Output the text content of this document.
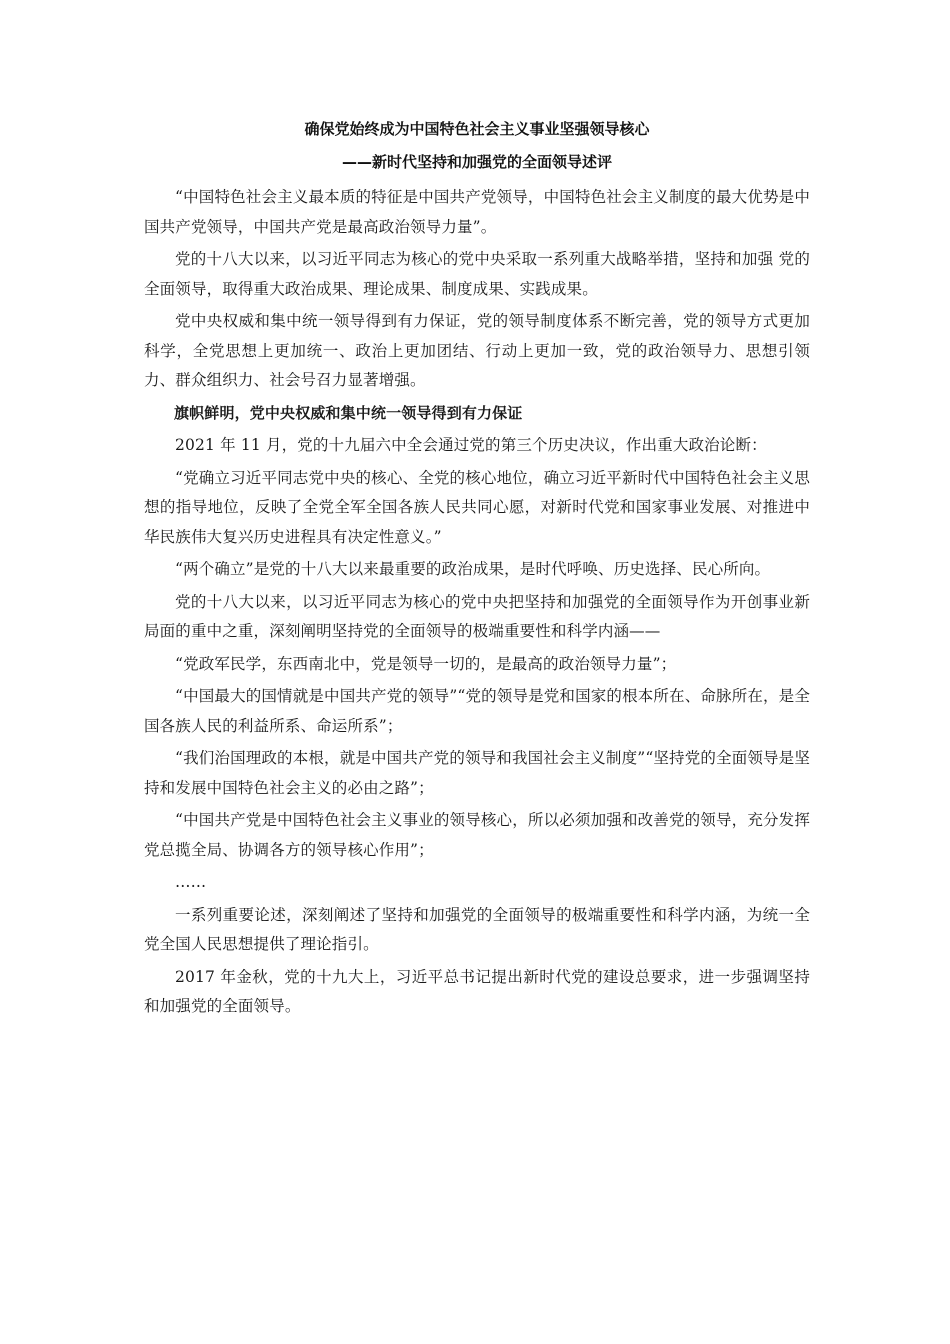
确保党始终成为中国特色社会主义事业坚强领导核心
——新时代坚持和加强党的全面领导述评

“中国特色社会主义最本质的特征是中国共产党领导，中国特色社会主义制度的最大优势是中国共产党领导，中国共产党是最高政治领导力量”。

党的十八大以来，以习近平同志为核心的党中央采取一系列重大战略举措，坚持和加强 党的全面领导，取得重大政治成果、理论成果、制度成果、实践成果。

党中央权威和集中统一领导得到有力保证，党的领导制度体系不断完善，党的领导方式更加科学，全党思想上更加统一、政治上更加团结、行动上更加一致，党的政治领导力、思想引领力、群众组织力、社会号召力显著增强。

旗帜鲜明，党中央权威和集中统一领导得到有力保证

2021 年 11 月，党的十九届六中全会通过党的第三个历史决议，作出重大政治论断：

“党确立习近平同志党中央的核心、全党的核心地位，确立习近平新时代中国特色社会主义思想的指导地位，反映了全党全军全国各族人民共同心愿，对新时代党和国家事业发展、对推进中华民族伟大复兴历史进程具有决定性意义。”

“两个确立”是党的十八大以来最重要的政治成果，是时代呼唤、历史选择、民心所向。

党的十八大以来，以习近平同志为核心的党中央把坚持和加强党的全面领导作为开创事业新局面的重中之重，深刻阐明坚持党的全面领导的极端重要性和科学内涵——

“党政军民学，东西南北中，党是领导一切的，是最高的政治领导力量”；

“中国最大的国情就是中国共产党的领导”“党的领导是党和国家的根本所在、命脉所在，是全国各族人民的利益所系、命运所系”；

“我们治国理政的本根，就是中国共产党的领导和我国社会主义制度”“坚持党的全面领导是坚持和发展中国特色社会主义的必由之路”；

“中国共产党是中国特色社会主义事业的领导核心，所以必须加强和改善党的领导，充分发挥党总揽全局、协调各方的领导核心作用”；

……

一系列重要论述，深刻阐述了坚持和加强党的全面领导的极端重要性和科学内涵，为统一全党全国人民思想提供了理论指引。

2017 年金秋，党的十九大上，习近平总书记提出新时代党的建设总要求，进一步强调坚持和加强党的全面领导。
